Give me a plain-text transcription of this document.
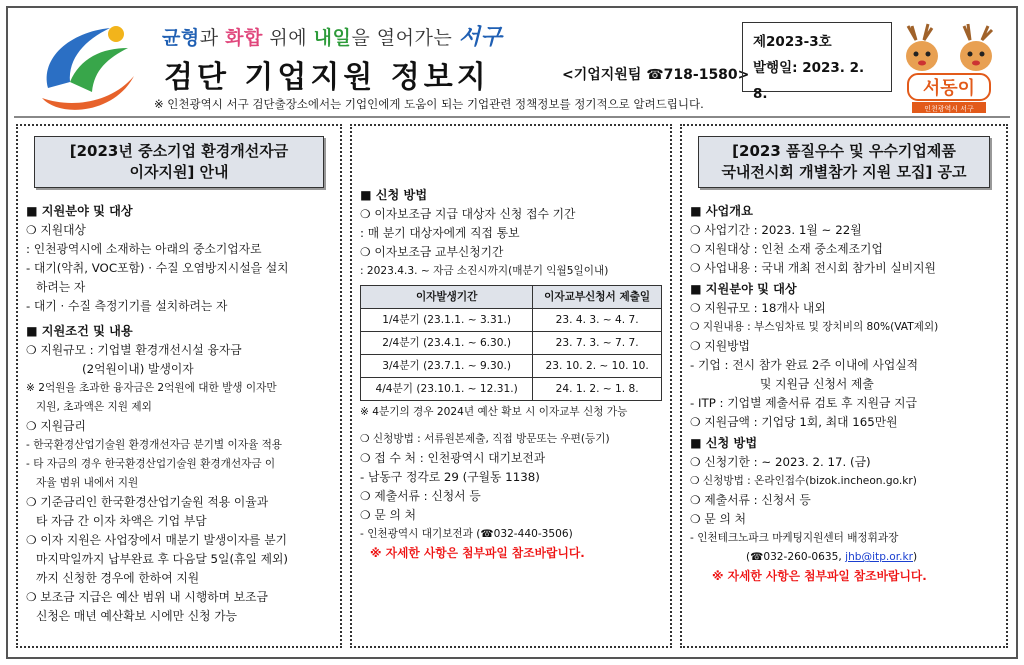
균형과 화합 위에 내일을 열어가는 서구
검단 기업지원 정보지	<기업지원팀 ☎718-1580>
※ 인천광역시 서구 검단출장소에서는 기업인에게 도움이 되는 기업관련 정책정보를 정기적으로 알려드립니다.
제2023-3호
발행일: 2023. 2. 8.	서동이
인천광역시 서구
[2023년 중소기업 환경개선자금
이자지원] 안내
■ 지원분야 및 대상
❍ 지원대상
: 인천광역시에 소재하는 아래의 중소기업자로
- 대기(악취, VOC포함) · 수질 오염방지시설을 설치
하려는 자
- 대기 · 수질 측정기기를 설치하려는 자
■ 지원조건 및 내용
❍ 지원규모 : 기업별 환경개선시설 융자금
(2억원이내) 발생이자
※ 2억원을 초과한 융자금은 2억원에 대한 발생 이자만
지원, 초과액은 지원 제외
❍ 지원금리
- 한국환경산업기술원 환경개선자금 분기별 이자율 적용
- 타 자금의 경우 한국환경산업기술원 환경개선자금 이
자율 범위 내에서 지원
❍ 기준금리인 한국환경산업기술원 적용 이율과
타 자금 간 이자 차액은 기업 부담
❍ 이자 지원은 사업장에서 매분기 발생이자를 분기
마지막일까지 납부완료 후 다음달 5일(휴일 제외)
까지 신청한 경우에 한하여 지원
❍ 보조금 지급은 예산 범위 내 시행하며 보조금
신청은 매년 예산확보 시에만 신청 가능
■ 신청 방법
❍ 이자보조금 지급 대상자 신청 접수 기간
: 매 분기 대상자에게 직접 통보
❍ 이자보조금 교부신청기간
: 2023.4.3. ~ 자금 소진시까지(매분기 익월5일이내)
이자발생기간	이자교부신청서 제출일
1/4분기 (23.1.1. ~ 3.31.)	23. 4. 3. ~ 4. 7.
2/4분기 (23.4.1. ~ 6.30.)	23. 7. 3. ~ 7. 7.
3/4분기 (23.7.1. ~ 9.30.)	23. 10. 2. ~ 10. 10.
4/4분기 (23.10.1. ~ 12.31.)	24. 1. 2. ~ 1. 8.
※ 4분기의 경우 2024년 예산 확보 시 이자교부 신청 가능
❍ 신청방법 : 서류원본제출, 직접 방문또는 우편(등기)
❍ 접 수 처 : 인천광역시 대기보전과
- 남동구 정각로 29 (구월동 1138)
❍ 제출서류 : 신청서 등
❍ 문 의 처
- 인천광역시 대기보전과 (☎032-440-3506)
※ 자세한 사항은 첨부파일 참조바랍니다.
[2023 품질우수 및 우수기업제품
국내전시회 개별참가 지원 모집] 공고
■ 사업개요
❍ 사업기간 : 2023. 1월 ~ 22월
❍ 지원대상 : 인천 소재 중소제조기업
❍ 사업내용 : 국내 개최 전시회 참가비 실비지원
■ 지원분야 및 대상
❍ 지원규모 : 18개사 내외
❍ 지원내용 : 부스임차료 및 장치비의 80%(VAT제외)
❍ 지원방법
- 기업 : 전시 참가 완료 2주 이내에 사업실적
및 지원금 신청서 제출
- ITP : 기업별 제출서류 검토 후 지원금 지급
❍ 지원금액 : 기업당 1회, 최대 165만원
■ 신청 방법
❍ 신청기한 : ~ 2023. 2. 17. (금)
❍ 신청방법 : 온라인접수(bizok.incheon.go.kr)
❍ 제출서류 : 신청서 등
❍ 문 의 처
- 인천테크노파크 마케팅지원센터 배정휘과장
(☎032-260-0635, jhb@itp.or.kr)
※ 자세한 사항은 첨부파일 참조바랍니다.
